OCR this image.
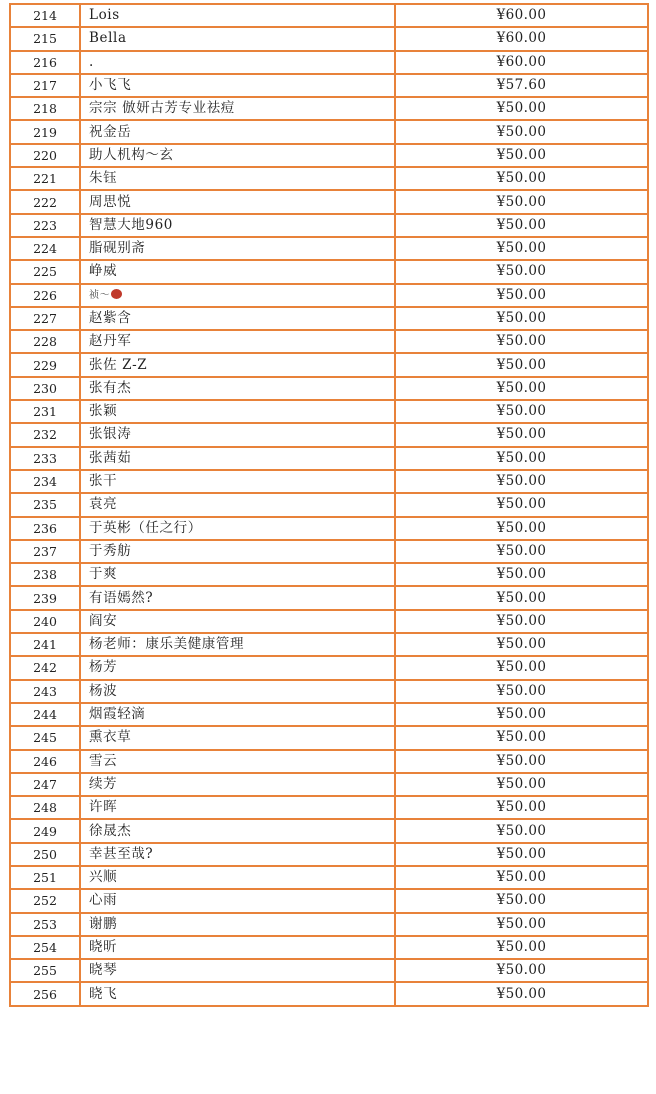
214	Lois	¥60.00
215	Bella	¥60.00
216	.	¥60.00
217	小飞飞	¥57.60
218	宗宗 倣妍古芳专业祛痘	¥50.00
219	祝金岳	¥50.00
220	助人机构～玄	¥50.00
221	朱钰	¥50.00
222	周思悦	¥50.00
223	智慧大地960	¥50.00
224	脂砚别斋	¥50.00
225	峥威	¥50.00
226	祯～	¥50.00
227	赵紫含	¥50.00
228	赵丹军	¥50.00
229	张佐 Z-Z	¥50.00
230	张有杰	¥50.00
231	张颖	¥50.00
232	张银涛	¥50.00
233	张茜茹	¥50.00
234	张干	¥50.00
235	袁亮	¥50.00
236	于英彬（任之行）	¥50.00
237	于秀舫	¥50.00
238	于爽	¥50.00
239	有语嫣然?	¥50.00
240	阎安	¥50.00
241	杨老师：康乐美健康管理	¥50.00
242	杨芳	¥50.00
243	杨波	¥50.00
244	烟霞轻滴	¥50.00
245	熏衣草	¥50.00
246	雪云	¥50.00
247	续芳	¥50.00
248	许晖	¥50.00
249	徐晟杰	¥50.00
250	幸甚至哉?	¥50.00
251	兴顺	¥50.00
252	心雨	¥50.00
253	谢鹏	¥50.00
254	晓昕	¥50.00
255	晓琴	¥50.00
256	晓飞	¥50.00
